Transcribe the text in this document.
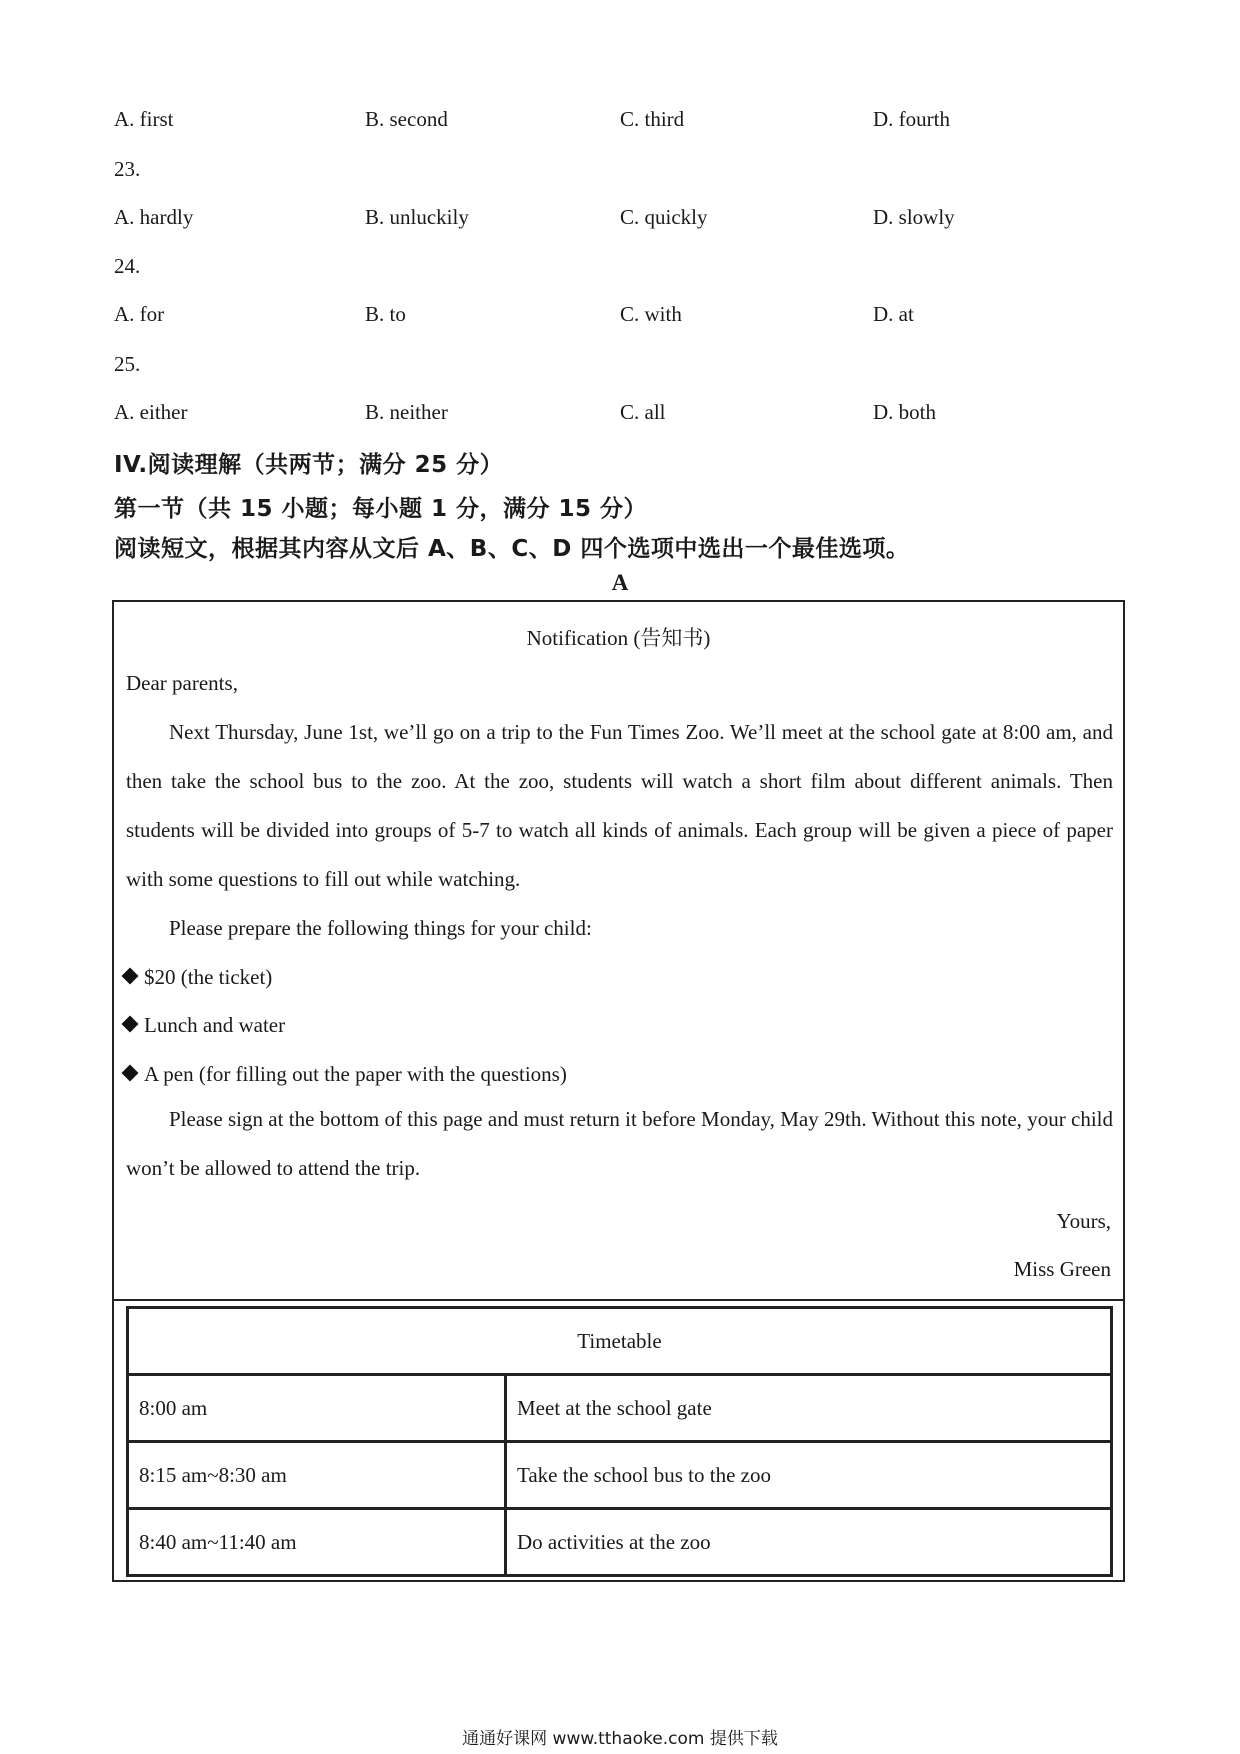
A. first	B. second	C. third	D. fourth
23.
A. hardly	B. unluckily	C. quickly	D. slowly
24.
A. for	B. to	C. with	D. at
25.
A. either	B. neither	C. all	D. both
IV.阅读理解（共两节；满分 25 分）
第一节（共 15 小题；每小题 1 分，满分 15 分）
阅读短文，根据其内容从文后 A、B、C、D 四个选项中选出一个最佳选项。
A
Notification (告知书)
Dear parents,
Next Thursday, June 1st, we’ll go on a trip to the Fun Times Zoo. We’ll meet at the school gate at 8:00 am, and then take the school bus to the zoo. At the zoo, students will watch a short film about different animals. Then students will be divided into groups of 5-7 to watch all kinds of animals. Each group will be given a piece of paper with some questions to fill out while watching.
Please prepare the following things for your child:
$20 (the ticket)
Lunch and water
A pen (for filling out the paper with the questions)
Please sign at the bottom of this page and must return it before Monday, May 29th. Without this note, your child won’t be allowed to attend the trip.
Yours,
Miss Green
Timetable	
8:00 am	Meet at the school gate
8:15 am~8:30 am	Take the school bus to the zoo
8:40 am~11:40 am	Do activities at the zoo
通通好课网 www.tthaoke.com 提供下载
